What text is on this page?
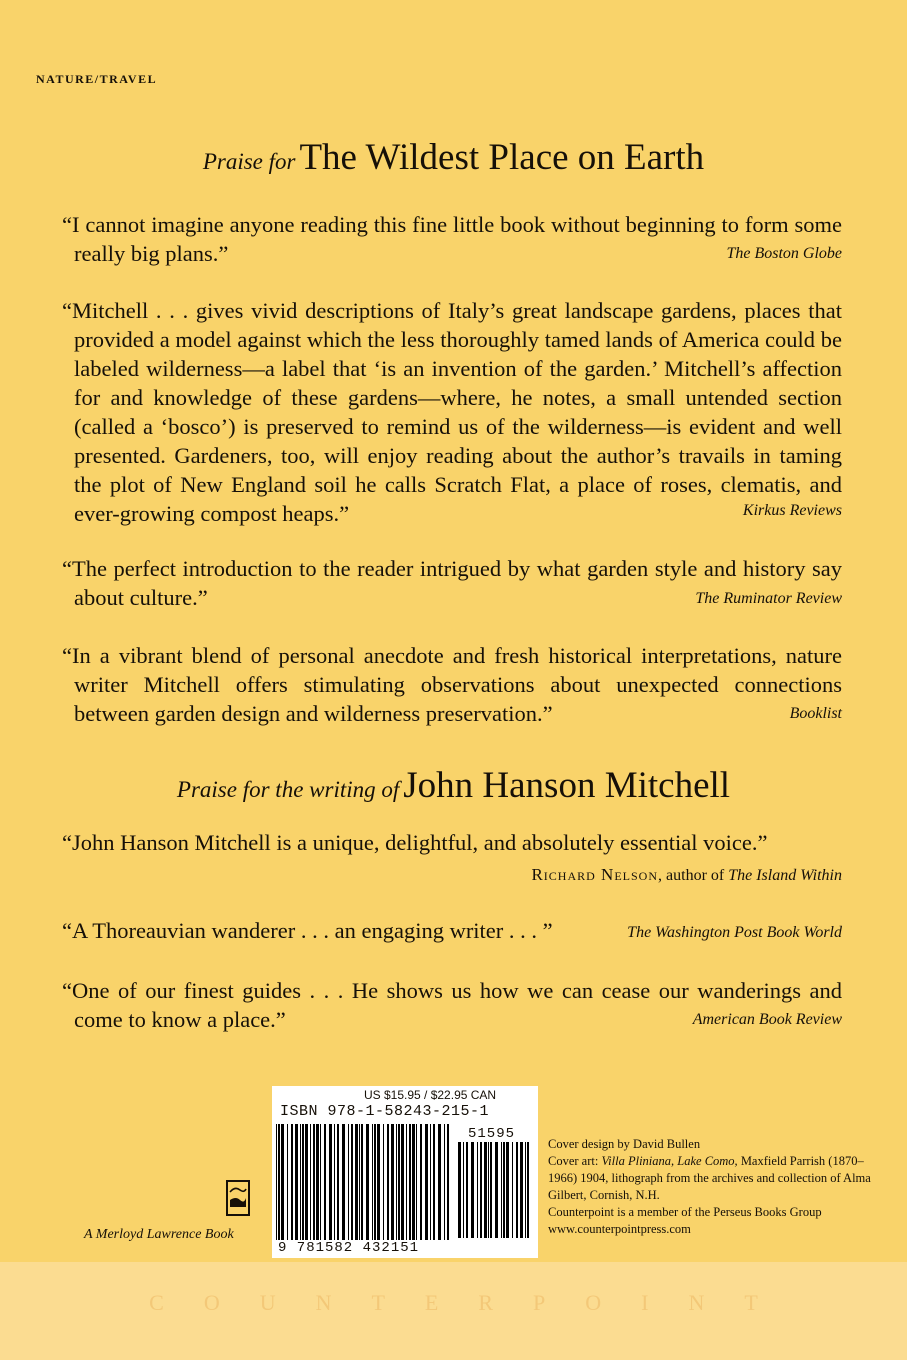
NATURE/TRAVEL
Praise for The Wildest Place on Earth
“I cannot imagine anyone reading this fine little book without beginning to form some really big plans.”	The Boston Globe
“Mitchell . . . gives vivid descriptions of Italy’s great landscape gardens, places that provided a model against which the less thoroughly tamed lands of America could be labeled wilderness—a label that ‘is an invention of the garden.’ Mitchell’s affection for and knowledge of these gardens—where, he notes, a small untended section (called a ‘bosco’) is preserved to remind us of the wilderness—is evident and well presented. Gardeners, too, will enjoy reading about the author’s travails in taming the plot of New England soil he calls Scratch Flat, a place of roses, clematis, and ever-growing compost heaps.”	Kirkus Reviews
“The perfect introduction to the reader intrigued by what garden style and history say about culture.”	The Ruminator Review
“In a vibrant blend of personal anecdote and fresh historical interpretations, nature writer Mitchell offers stimulating observations about unexpected connections between garden design and wilderness preservation.”	Booklist
Praise for the writing of John Hanson Mitchell
“John Hanson Mitchell is a unique, delightful, and absolutely essential voice.”
Richard Nelson, author of The Island Within
“A Thoreauvian wanderer . . . an engaging writer . . . ”	The Washington Post Book World
“One of our finest guides . . . He shows us how we can cease our wanderings and come to know a place.”	American Book Review
US $15.95 / $22.95 CAN
ISBN 978-1-58243-215-1
51595
9 781582 432151
A Merloyd Lawrence Book
Cover design by David Bullen
Cover art: Villa Pliniana, Lake Como, Maxfield Parrish (1870–1966) 1904, lithograph from the archives and collection of Alma Gilbert, Cornish, N.H.
Counterpoint is a member of the Perseus Books Group
www.counterpointpress.com
COUNTERPOINT
